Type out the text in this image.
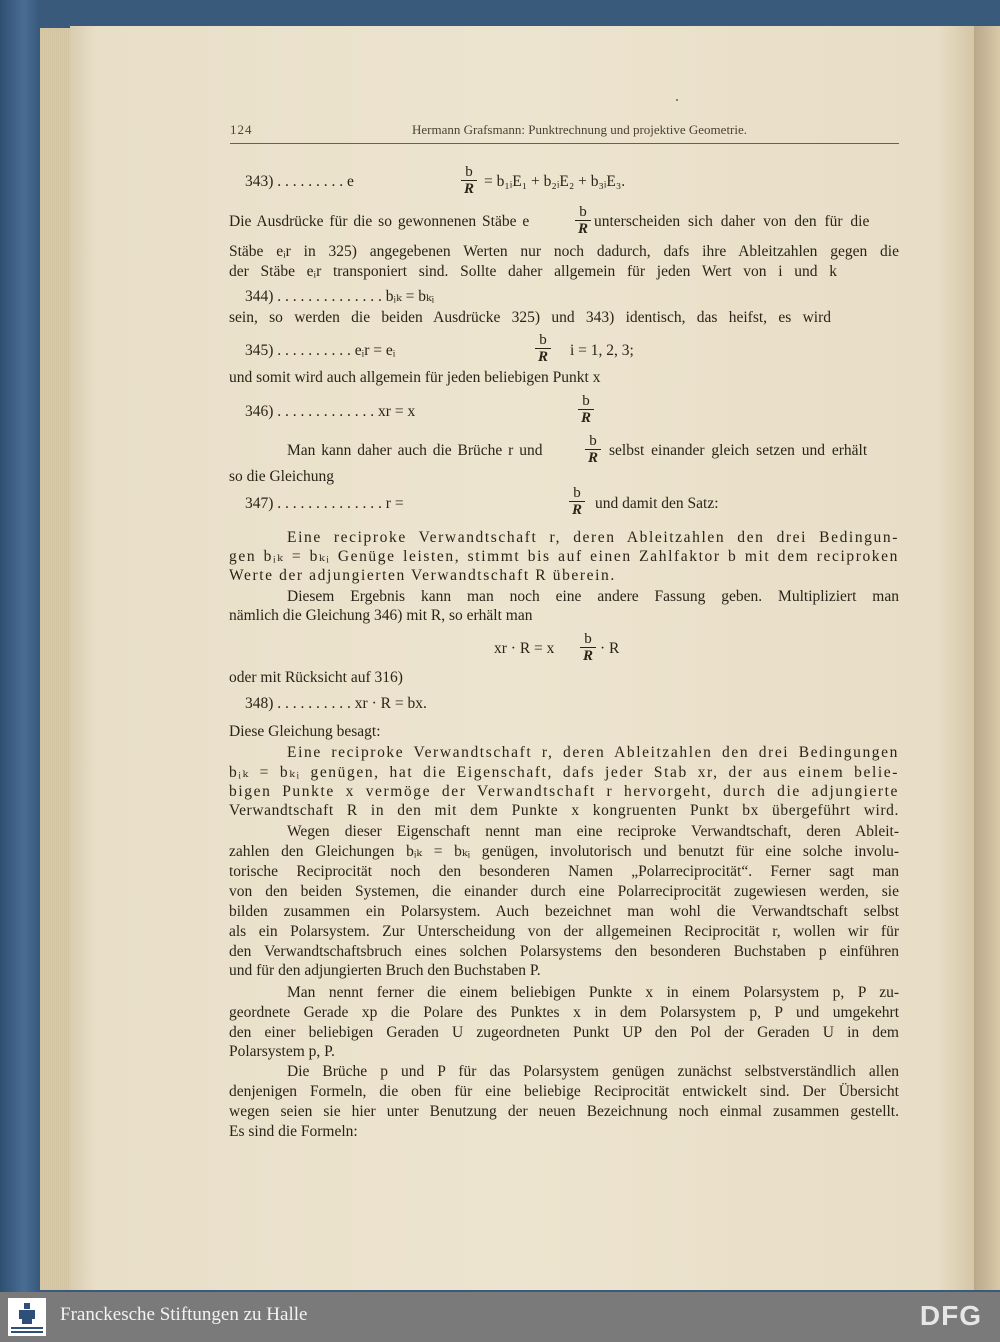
124	Hermann Grafsmann: Punktrechnung und projektive Geometrie.
343) . . . . . . . . . e
b
R = b₁ᵢE₁ + b₂ᵢE₂ + b₃ᵢE₃.
Die Ausdrücke für die so gewonnenen Stäbe e
b
R unterscheiden sich daher von den für die
Stäbe eᵢr in 325) angegebenen Werten nur noch dadurch, dafs ihre Ableitzahlen gegen die
der Stäbe eᵢr transponiert sind. Sollte daher allgemein für jeden Wert von i und k
344) . . . . . . . . . . . . . . bᵢₖ = bₖᵢ
sein, so werden die beiden Ausdrücke 325) und 343) identisch, das heifst, es wird
345) . . . . . . . . . . eᵢr = eᵢ
b
R	i = 1, 2, 3;
und somit wird auch allgemein für jeden beliebigen Punkt x
346) . . . . . . . . . . . . . xr = x
b
R
Man kann daher auch die Brüche r und
b
R selbst einander gleich setzen und erhält
so die Gleichung
347) . . . . . . . . . . . . . . r =
b
R und damit den Satz:
Eine reciproke Verwandtschaft r, deren Ableitzahlen den drei Bedingun-
gen bᵢₖ = bₖᵢ Genüge leisten, stimmt bis auf einen Zahlfaktor b mit dem reciproken
Werte der adjungierten Verwandtschaft R überein.
Diesem Ergebnis kann man noch eine andere Fassung geben. Multipliziert man
nämlich die Gleichung 346) mit R, so erhält man
xr · R = x
b
R · R
oder mit Rücksicht auf 316)
348) . . . . . . . . . . xr · R = bx.
Diese Gleichung besagt:
Eine reciproke Verwandtschaft r, deren Ableitzahlen den drei Bedingungen
bᵢₖ = bₖᵢ genügen, hat die Eigenschaft, dafs jeder Stab xr, der aus einem belie-
bigen Punkte x vermöge der Verwandtschaft r hervorgeht, durch die adjungierte
Verwandtschaft R in den mit dem Punkte x kongruenten Punkt bx übergeführt wird.
Wegen dieser Eigenschaft nennt man eine reciproke Verwandtschaft, deren Ableit-
zahlen den Gleichungen bᵢₖ = bₖᵢ genügen, involutorisch und benutzt für eine solche involu-
torische Reciprocität noch den besonderen Namen „Polarreciprocität“. Ferner sagt man
von den beiden Systemen, die einander durch eine Polarreciprocität zugewiesen werden, sie
bilden zusammen ein Polarsystem. Auch bezeichnet man wohl die Verwandtschaft selbst
als ein Polarsystem. Zur Unterscheidung von der allgemeinen Reciprocität r, wollen wir für
den Verwandtschaftsbruch eines solchen Polarsystems den besonderen Buchstaben p einführen
und für den adjungierten Bruch den Buchstaben P.
Man nennt ferner die einem beliebigen Punkte x in einem Polarsystem p, P zu-
geordnete Gerade xp die Polare des Punktes x in dem Polarsystem p, P und umgekehrt
den einer beliebigen Geraden U zugeordneten Punkt UP den Pol der Geraden U in dem
Polarsystem p, P.
Die Brüche p und P für das Polarsystem genügen zunächst selbstverständlich allen
denjenigen Formeln, die oben für eine beliebige Reciprocität entwickelt sind. Der Übersicht
wegen seien sie hier unter Benutzung der neuen Bezeichnung noch einmal zusammen gestellt.
Es sind die Formeln:
Franckesche Stiftungen zu Halle	DFG
